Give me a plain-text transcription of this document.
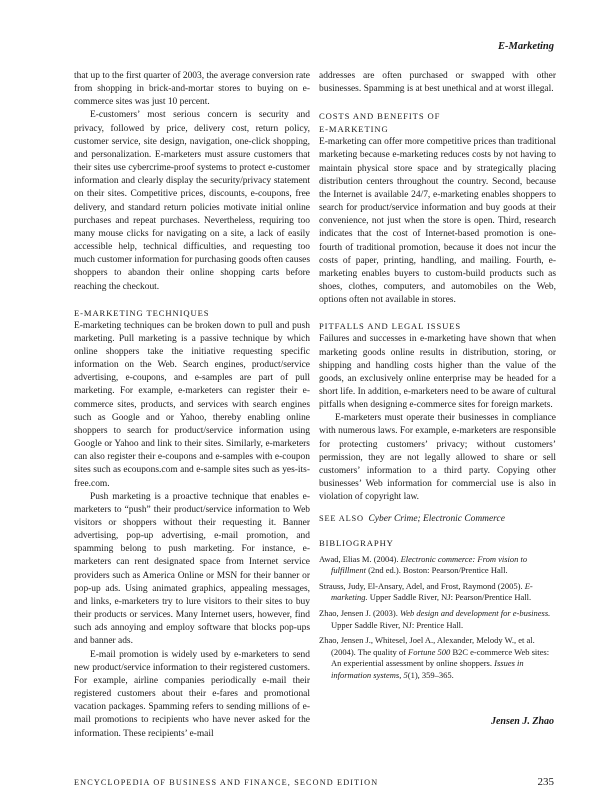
E-Marketing

that up to the first quarter of 2003, the average conversion rate from shopping in brick-and-mortar stores to buying on e-commerce sites was just 10 percent.

E-customers’ most serious concern is security and privacy, followed by price, delivery cost, return policy, customer service, site design, navigation, one-click shopping, and personalization. E-marketers must assure customers that their sites use cybercrime-proof systems to protect e-customer information and clearly display the security/privacy statement on their sites. Competitive prices, discounts, e-coupons, free delivery, and standard return policies motivate initial online purchases and repeat purchases. Nevertheless, requiring too many mouse clicks for navigating on a site, a lack of easily accessible help, technical difficulties, and requesting too much customer information for purchasing goods often causes shoppers to abandon their online shopping carts before reaching the checkout.

E-MARKETING TECHNIQUES

E-marketing techniques can be broken down to pull and push marketing. Pull marketing is a passive technique by which online shoppers take the initiative requesting specific information on the Web. Search engines, product/service advertising, e-coupons, and e-samples are part of pull marketing. For example, e-marketers can register their e-commerce sites, products, and services with search engines such as Google and or Yahoo, thereby enabling online shoppers to search for product/service information using Google or Yahoo and link to their sites. Similarly, e-marketers can also register their e-coupons and e-samples with e-coupon sites such as ecoupons.com and e-sample sites such as yes-its-free.com.

Push marketing is a proactive technique that enables e-marketers to “push” their product/service information to Web visitors or shoppers without their requesting it. Banner advertising, pop-up advertising, e-mail promotion, and spamming belong to push marketing. For instance, e-marketers can rent designated space from Internet service providers such as America Online or MSN for their banner or pop-up ads. Using animated graphics, appealing messages, and links, e-marketers try to lure visitors to their sites to buy their products or services. Many Internet users, however, find such ads annoying and employ software that blocks pop-ups and banner ads.

E-mail promotion is widely used by e-marketers to send new product/service information to their registered customers. For example, airline companies periodically e-mail their registered customers about their e-fares and promotional vacation packages. Spamming refers to sending millions of e-mail promotions to recipients who have never asked for the information. These recipients’ e-mail

addresses are often purchased or swapped with other businesses. Spamming is at best unethical and at worst illegal.

COSTS AND BENEFITS OF
E-MARKETING

E-marketing can offer more competitive prices than traditional marketing because e-marketing reduces costs by not having to maintain physical store space and by strategically placing distribution centers throughout the country. Second, because the Internet is available 24/7, e-marketing enables shoppers to search for product/service information and buy goods at their convenience, not just when the store is open. Third, research indicates that the cost of Internet-based promotion is one-fourth of traditional promotion, because it does not incur the costs of paper, printing, handling, and mailing. Fourth, e-marketing enables buyers to custom-build products such as shoes, clothes, computers, and automobiles on the Web, options often not available in stores.

PITFALLS AND LEGAL ISSUES

Failures and successes in e-marketing have shown that when marketing goods online results in distribution, storing, or shipping and handling costs higher than the value of the goods, an exclusively online enterprise may be headed for a short life. In addition, e-marketers need to be aware of cultural pitfalls when designing e-commerce sites for foreign markets.

E-marketers must operate their businesses in compliance with numerous laws. For example, e-marketers are responsible for protecting customers’ privacy; without customers’ permission, they are not legally allowed to share or sell customers’ information to a third party. Copying other businesses’ Web information for commercial use is also in violation of copyright law.

SEE ALSO Cyber Crime; Electronic Commerce

BIBLIOGRAPHY
Awad, Elias M. (2004). Electronic commerce: From vision to fulfillment (2nd ed.). Boston: Pearson/Prentice Hall.
Strauss, Judy, El-Ansary, Adel, and Frost, Raymond (2005). E-marketing. Upper Saddle River, NJ: Pearson/Prentice Hall.
Zhao, Jensen J. (2003). Web design and development for e-business. Upper Saddle River, NJ: Prentice Hall.
Zhao, Jensen J., Whitesel, Joel A., Alexander, Melody W., et al. (2004). The quality of Fortune 500 B2C e-commerce Web sites: An experiential assessment by online shoppers. Issues in information systems, 5(1), 359–365.
Jensen J. Zhao
ENCYCLOPEDIA OF BUSINESS AND FINANCE, SECOND EDITION	235
